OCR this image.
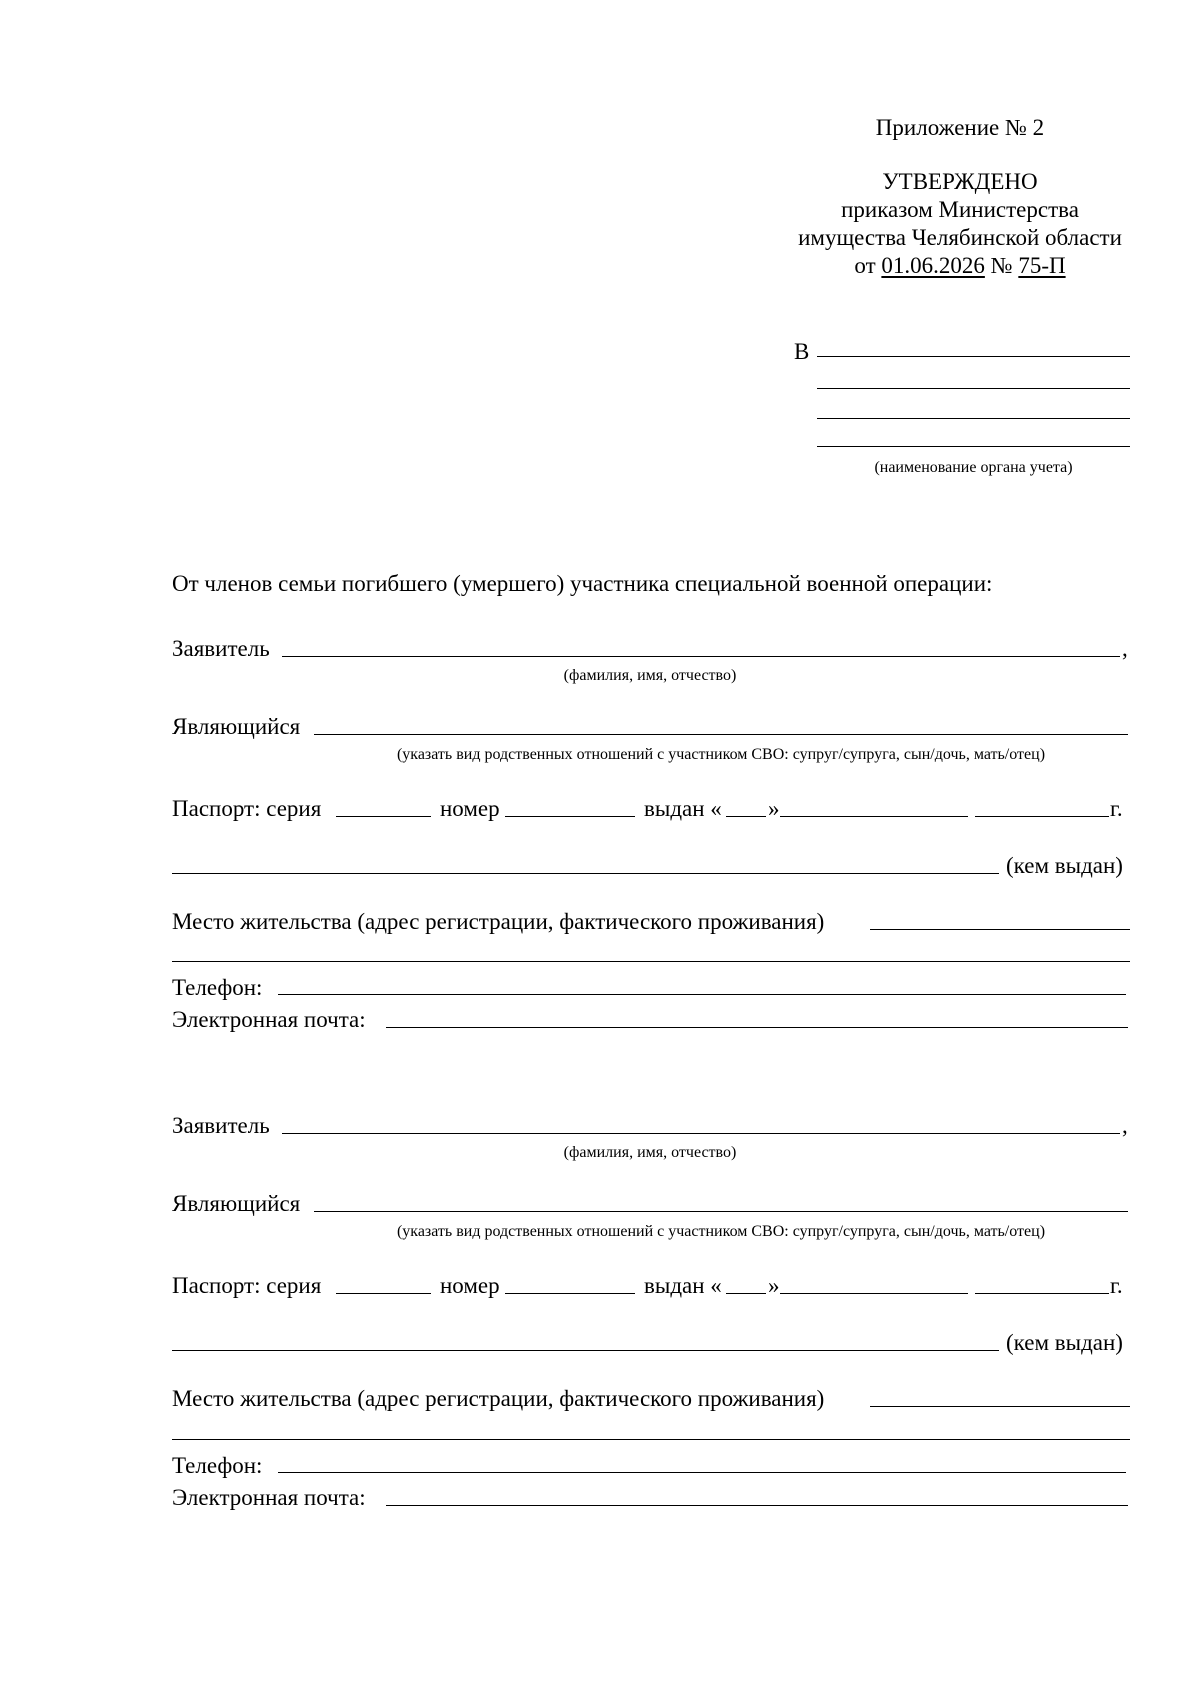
Приложение № 2
УТВЕРЖДЕНО
приказом Министерства
имущества Челябинской области
от 01.06.2026 № 75-П
В
(наименование органа учета)
От членов семьи погибшего (умершего) участника специальной военной операции:
Заявитель	,
(фамилия, имя, отчество)
Являющийся
(указать вид родственных отношений с участником СВО: супруг/супруга, сын/дочь, мать/отец)
Паспорт: серия	номер	выдан « »	г.
(кем выдан)
Место жительства (адрес регистрации, фактического проживания)
Телефон:
Электронная почта:
Заявитель	,
(фамилия, имя, отчество)
Являющийся
(указать вид родственных отношений с участником СВО: супруг/супруга, сын/дочь, мать/отец)
Паспорт: серия	номер	выдан « »	г.
(кем выдан)
Место жительства (адрес регистрации, фактического проживания)
Телефон:
Электронная почта:
